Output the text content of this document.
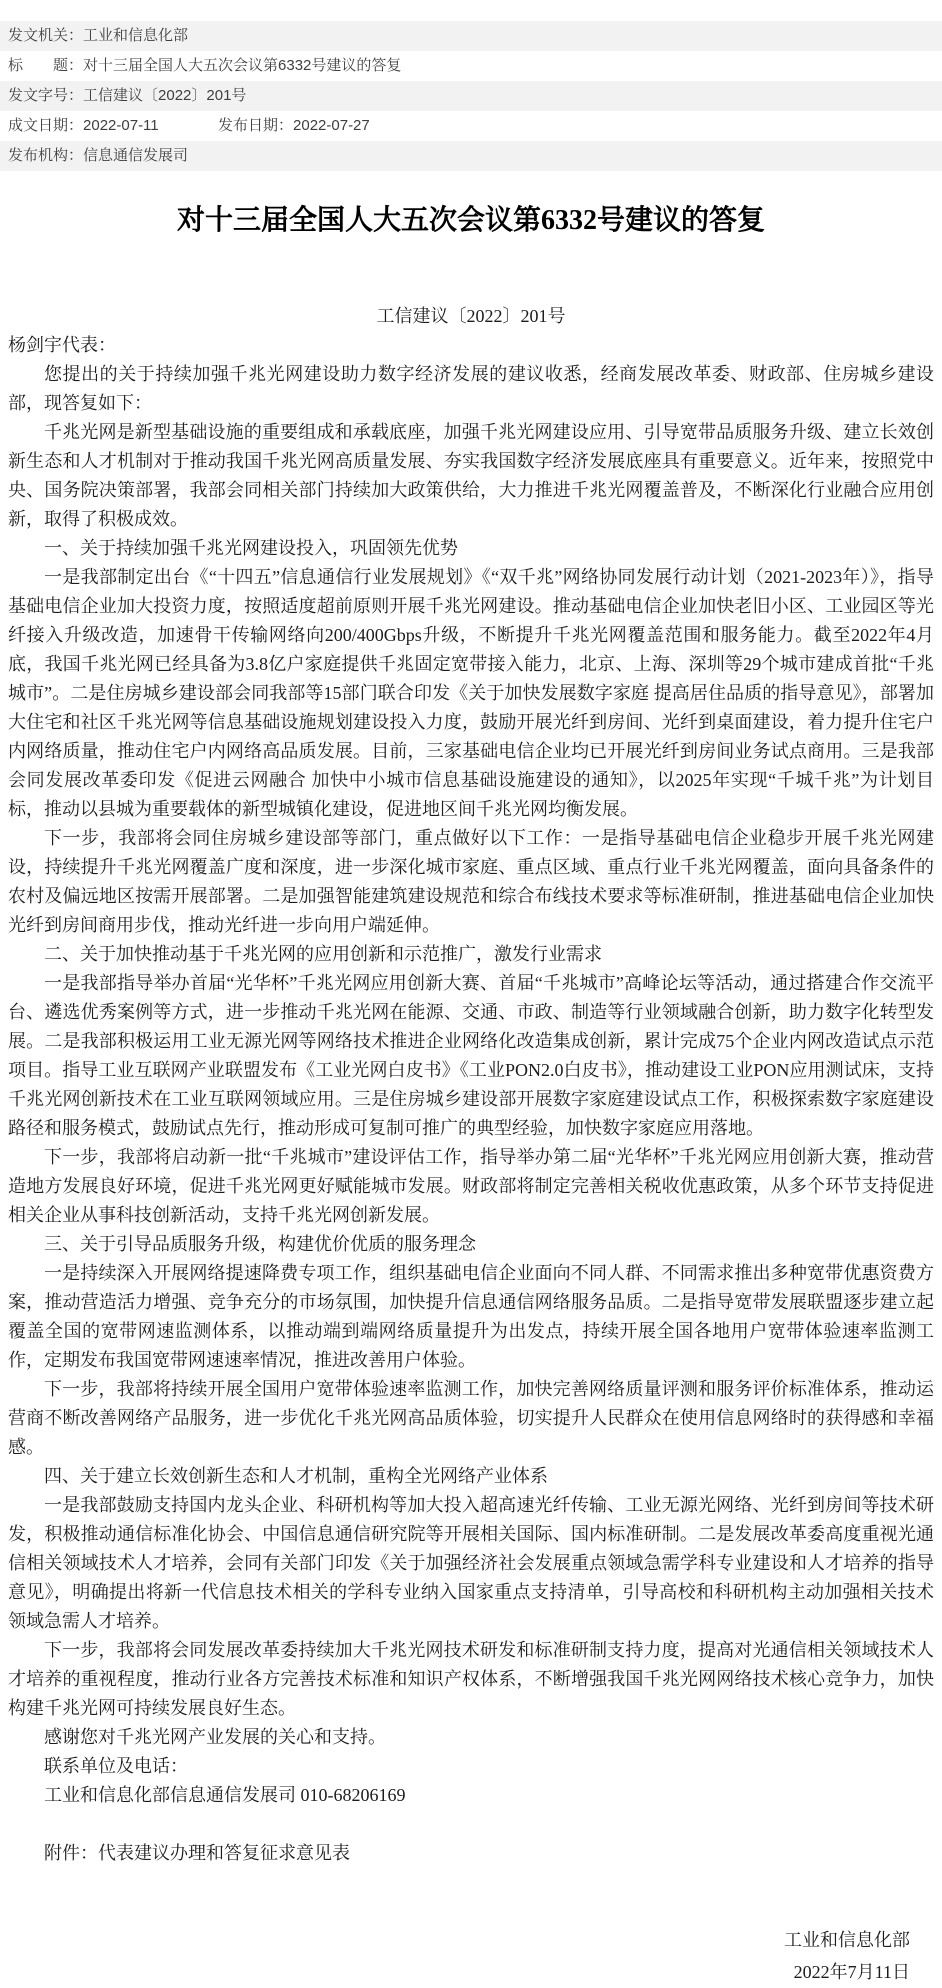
发文机关：工业和信息化部
标　　题：对十三届全国人大五次会议第6332号建议的答复
发文字号：工信建议〔2022〕201号
成文日期：2022-07-11	发布日期：2022-07-27
发布机构：信息通信发展司
对十三届全国人大五次会议第6332号建议的答复
工信建议〔2022〕201号

杨剑宇代表：

您提出的关于持续加强千兆光网建设助力数字经济发展的建议收悉，经商发展改革委、财政部、住房城乡建设部，现答复如下：

千兆光网是新型基础设施的重要组成和承载底座，加强千兆光网建设应用、引导宽带品质服务升级、建立长效创新生态和人才机制对于推动我国千兆光网高质量发展、夯实我国数字经济发展底座具有重要意义。近年来，按照党中央、国务院决策部署，我部会同相关部门持续加大政策供给，大力推进千兆光网覆盖普及，不断深化行业融合应用创新，取得了积极成效。

一、关于持续加强千兆光网建设投入，巩固领先优势

一是我部制定出台《“十四五”信息通信行业发展规划》《“双千兆”网络协同发展行动计划（2021-2023年）》，指导基础电信企业加大投资力度，按照适度超前原则开展千兆光网建设。推动基础电信企业加快老旧小区、工业园区等光纤接入升级改造，加速骨干传输网络向200/400Gbps升级，不断提升千兆光网覆盖范围和服务能力。截至2022年4月底，我国千兆光网已经具备为3.8亿户家庭提供千兆固定宽带接入能力，北京、上海、深圳等29个城市建成首批“千兆城市”。二是住房城乡建设部会同我部等15部门联合印发《关于加快发展数字家庭 提高居住品质的指导意见》，部署加大住宅和社区千兆光网等信息基础设施规划建设投入力度，鼓励开展光纤到房间、光纤到桌面建设，着力提升住宅户内网络质量，推动住宅户内网络高品质发展。目前，三家基础电信企业均已开展光纤到房间业务试点商用。三是我部会同发展改革委印发《促进云网融合 加快中小城市信息基础设施建设的通知》，以2025年实现“千城千兆”为计划目标，推动以县城为重要载体的新型城镇化建设，促进地区间千兆光网均衡发展。

下一步，我部将会同住房城乡建设部等部门，重点做好以下工作：一是指导基础电信企业稳步开展千兆光网建设，持续提升千兆光网覆盖广度和深度，进一步深化城市家庭、重点区域、重点行业千兆光网覆盖，面向具备条件的农村及偏远地区按需开展部署。二是加强智能建筑建设规范和综合布线技术要求等标准研制，推进基础电信企业加快光纤到房间商用步伐，推动光纤进一步向用户端延伸。

二、关于加快推动基于千兆光网的应用创新和示范推广，激发行业需求

一是我部指导举办首届“光华杯”千兆光网应用创新大赛、首届“千兆城市”高峰论坛等活动，通过搭建合作交流平台、遴选优秀案例等方式，进一步推动千兆光网在能源、交通、市政、制造等行业领域融合创新，助力数字化转型发展。二是我部积极运用工业无源光网等网络技术推进企业网络化改造集成创新，累计完成75个企业内网改造试点示范项目。指导工业互联网产业联盟发布《工业光网白皮书》《工业PON2.0白皮书》，推动建设工业PON应用测试床，支持千兆光网创新技术在工业互联网领域应用。三是住房城乡建设部开展数字家庭建设试点工作，积极探索数字家庭建设路径和服务模式，鼓励试点先行，推动形成可复制可推广的典型经验，加快数字家庭应用落地。

下一步，我部将启动新一批“千兆城市”建设评估工作，指导举办第二届“光华杯”千兆光网应用创新大赛，推动营造地方发展良好环境，促进千兆光网更好赋能城市发展。财政部将制定完善相关税收优惠政策，从多个环节支持促进相关企业从事科技创新活动，支持千兆光网创新发展。

三、关于引导品质服务升级，构建优价优质的服务理念

一是持续深入开展网络提速降费专项工作，组织基础电信企业面向不同人群、不同需求推出多种宽带优惠资费方案，推动营造活力增强、竞争充分的市场氛围，加快提升信息通信网络服务品质。二是指导宽带发展联盟逐步建立起覆盖全国的宽带网速监测体系，以推动端到端网络质量提升为出发点，持续开展全国各地用户宽带体验速率监测工作，定期发布我国宽带网速速率情况，推进改善用户体验。

下一步，我部将持续开展全国用户宽带体验速率监测工作，加快完善网络质量评测和服务评价标准体系，推动运营商不断改善网络产品服务，进一步优化千兆光网高品质体验，切实提升人民群众在使用信息网络时的获得感和幸福感。

四、关于建立长效创新生态和人才机制，重构全光网络产业体系

一是我部鼓励支持国内龙头企业、科研机构等加大投入超高速光纤传输、工业无源光网络、光纤到房间等技术研发，积极推动通信标准化协会、中国信息通信研究院等开展相关国际、国内标准研制。二是发展改革委高度重视光通信相关领域技术人才培养，会同有关部门印发《关于加强经济社会发展重点领域急需学科专业建设和人才培养的指导意见》，明确提出将新一代信息技术相关的学科专业纳入国家重点支持清单，引导高校和科研机构主动加强相关技术领域急需人才培养。

下一步，我部将会同发展改革委持续加大千兆光网技术研发和标准研制支持力度，提高对光通信相关领域技术人才培养的重视程度，推动行业各方完善技术标准和知识产权体系，不断增强我国千兆光网网络技术核心竞争力，加快构建千兆光网可持续发展良好生态。

感谢您对千兆光网产业发展的关心和支持。

联系单位及电话：

工业和信息化部信息通信发展司 010-68206169

附件：代表建议办理和答复征求意见表

工业和信息化部
2022年7月11日
